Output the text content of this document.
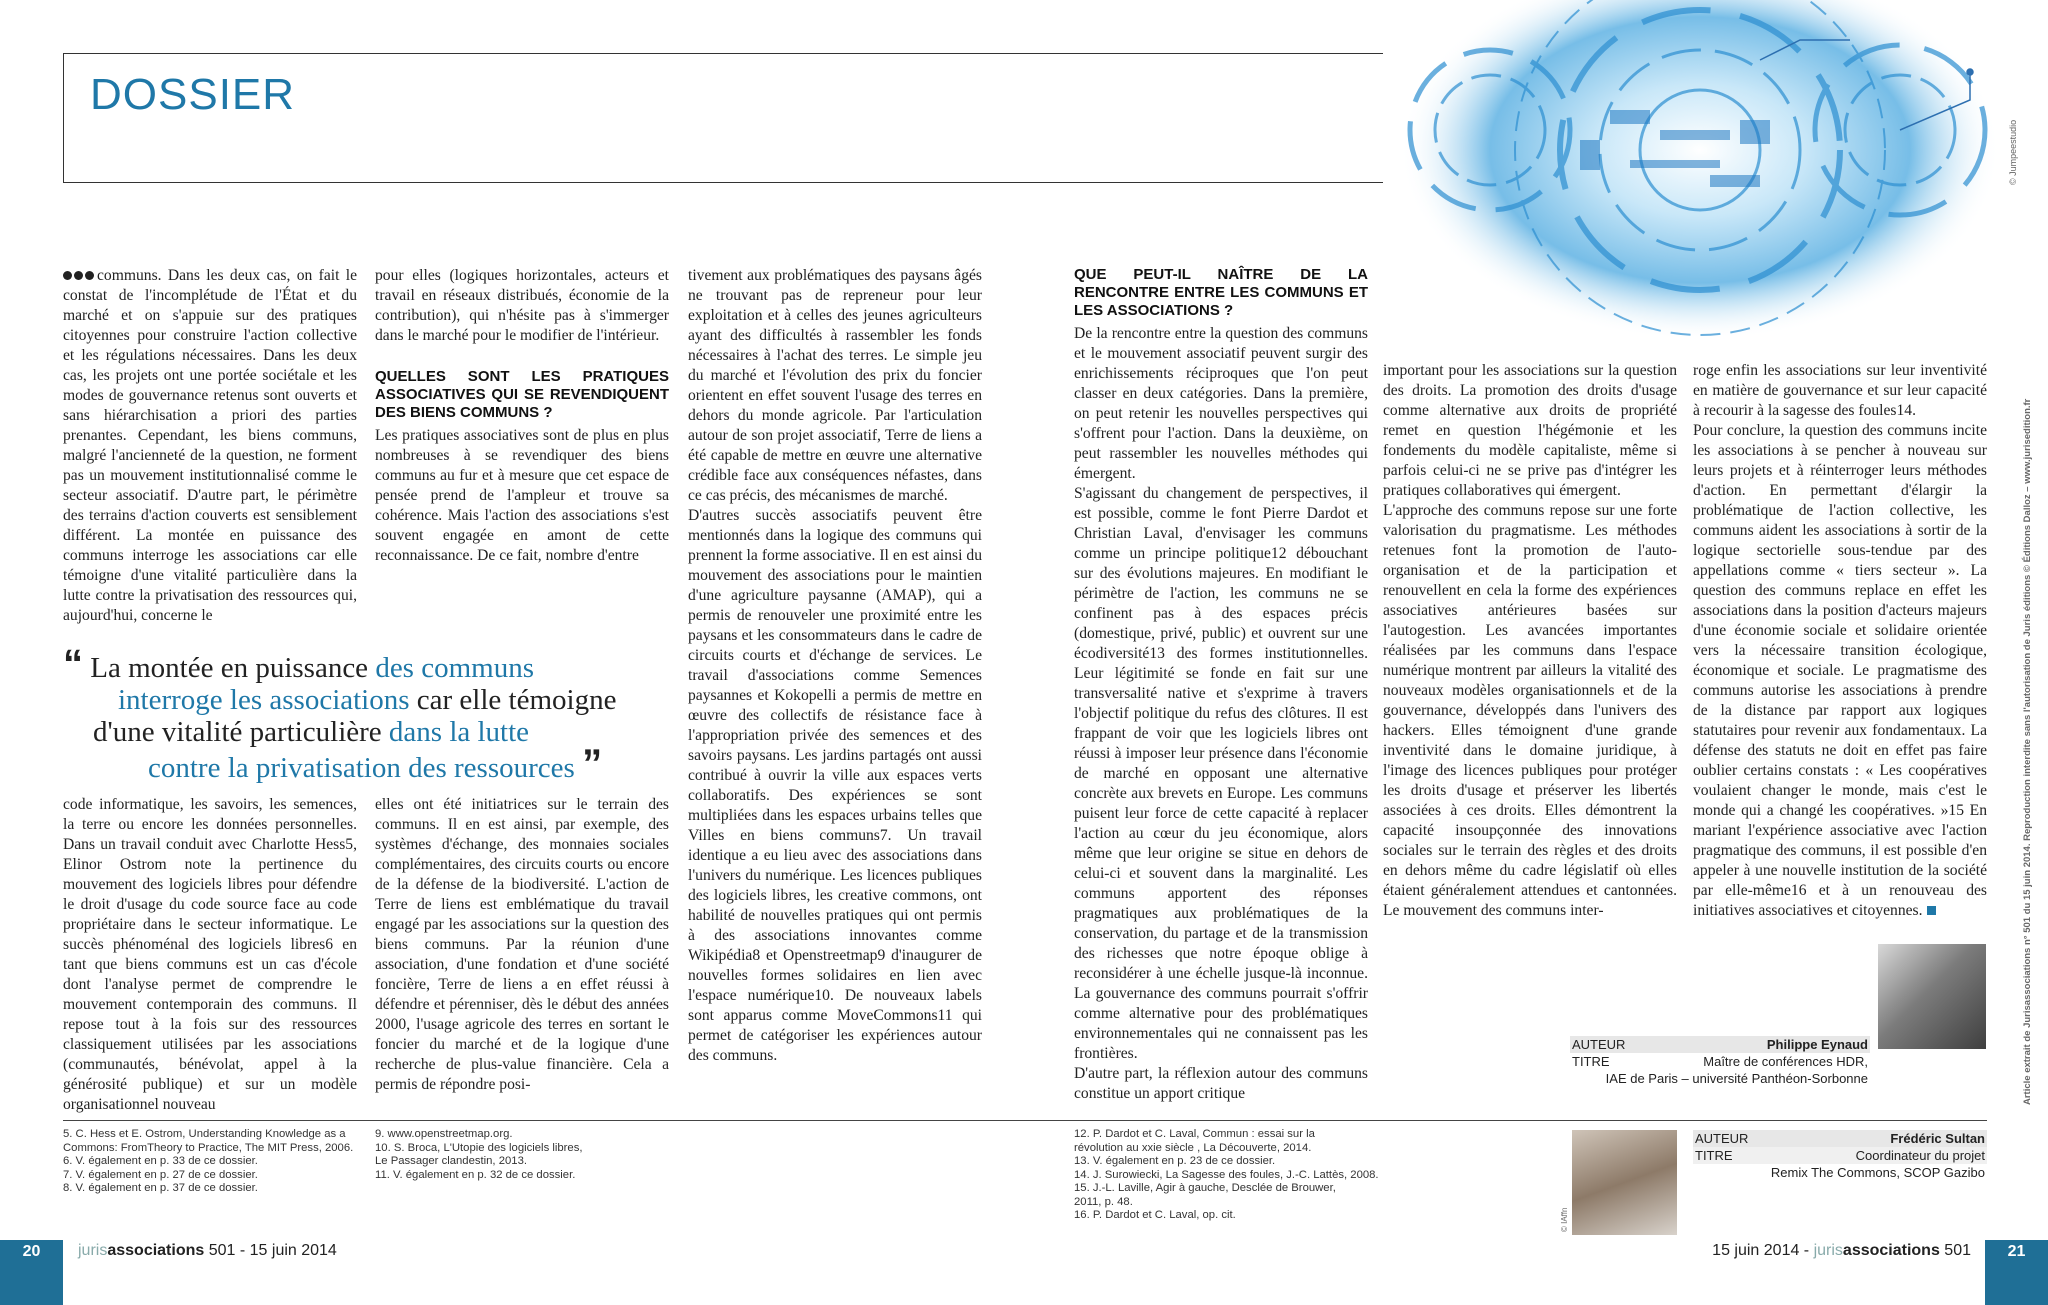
DOSSIER
© Jumpeestudio
Article extrait de Jurisassociations n° 501 du 15 juin 2014. Reproduction interdite sans l'autorisation de Juris éditions © Éditions Dalloz – www.jurisedition.fr

communs. Dans les deux cas, on fait le constat de l'incomplétude de l'État et du marché et on s'appuie sur des pratiques citoyennes pour construire l'action collective et les régulations nécessaires. Dans les deux cas, les projets ont une portée sociétale et les modes de gouvernance retenus sont ouverts et sans hiérarchisation a priori des parties prenantes. Cependant, les biens communs, malgré l'ancienneté de la question, ne forment pas un mouvement institutionnalisé comme le secteur associatif. D'autre part, le périmètre des terrains d'action couverts est sensiblement différent. La montée en puissance des communs interroge les associations car elle témoigne d'une vitalité particulière dans la lutte contre la privatisation des ressources qui, aujourd'hui, concerne le

code informatique, les savoirs, les semences, la terre ou encore les données personnelles. Dans un travail conduit avec Charlotte Hess5, Elinor Ostrom note la pertinence du mouvement des logiciels libres pour défendre le droit d'usage du code source face au code propriétaire dans le secteur informatique. Le succès phénoménal des logiciels libres6 en tant que biens communs est un cas d'école dont l'analyse permet de comprendre le mouvement contemporain des communs. Il repose tout à la fois sur des ressources classiquement utilisées par les associations (communautés, bénévolat, appel à la générosité publique) et sur un modèle organisationnel nouveau

pour elles (logiques horizontales, acteurs et travail en réseaux distribués, économie de la contribution), qui n'hésite pas à s'immerger dans le marché pour le modifier de l'intérieur.

QUELLES SONT LES PRATIQUES ASSOCIATIVES QUI SE REVENDIQUENT DES BIENS COMMUNS ?

Les pratiques associatives sont de plus en plus nombreuses à se revendiquer des biens communs au fur et à mesure que cet espace de pensée prend de l'ampleur et trouve sa cohérence. Mais l'action des associations s'est souvent engagée en amont de cette reconnaissance. De ce fait, nombre d'entre

elles ont été initiatrices sur le terrain des communs. Il en est ainsi, par exemple, des systèmes d'échange, des monnaies sociales complémentaires, des circuits courts ou encore de la défense de la biodiversité. L'action de Terre de liens est emblématique du travail engagé par les associations sur la question des biens communs. Par la réunion d'une association, d'une fondation et d'une société foncière, Terre de liens a en effet réussi à défendre et pérenniser, dès le début des années 2000, l'usage agricole des terres en sortant le foncier du marché et de la logique d'une recherche de plus-value financière. Cela a permis de répondre posi-

“ La montée en puissance des communs
interroge les associations car elle témoigne
d'une vitalité particulière dans la lutte
contre la privatisation des ressources ”

tivement aux problématiques des paysans âgés ne trouvant pas de repreneur pour leur exploitation et à celles des jeunes agriculteurs ayant des difficultés à rassembler les fonds nécessaires à l'achat des terres. Le simple jeu du marché et l'évolution des prix du foncier orientent en effet souvent l'usage des terres en dehors du monde agricole. Par l'articulation autour de son projet associatif, Terre de liens a été capable de mettre en œuvre une alternative crédible face aux conséquences néfastes, dans ce cas précis, des mécanismes de marché.

D'autres succès associatifs peuvent être mentionnés dans la logique des communs qui prennent la forme associative. Il en est ainsi du mouvement des associations pour le maintien d'une agriculture paysanne (AMAP), qui a permis de renouveler une proximité entre les paysans et les consommateurs dans le cadre de circuits courts et d'échange de services. Le travail d'associations comme Semences paysannes et Kokopelli a permis de mettre en œuvre des collectifs de résistance face à l'appropriation privée des semences et des savoirs paysans. Les jardins partagés ont aussi contribué à ouvrir la ville aux espaces verts collaboratifs. Des expériences se sont multipliées dans les espaces urbains telles que Villes en biens communs7. Un travail identique a eu lieu avec des associations dans l'univers du numérique. Les licences publiques des logiciels libres, les creative commons, ont habilité de nouvelles pratiques qui ont permis à des associations innovantes comme Wikipédia8 et Openstreetmap9 d'inaugurer de nouvelles formes solidaires en lien avec l'espace numérique10. De nouveaux labels sont apparus comme MoveCommons11 qui permet de catégoriser les expériences autour des communs.

QUE PEUT-IL NAÎTRE DE LA RENCONTRE ENTRE LES COMMUNS ET LES ASSOCIATIONS ?

De la rencontre entre la question des communs et le mouvement associatif peuvent surgir des enrichissements réciproques que l'on peut classer en deux catégories. Dans la première, on peut retenir les nouvelles perspectives qui s'offrent pour l'action. Dans la deuxième, on peut rassembler les nouvelles méthodes qui émergent.

S'agissant du changement de perspectives, il est possible, comme le font Pierre Dardot et Christian Laval, d'envisager les communs comme un principe politique12 débouchant sur des évolutions majeures. En modifiant le périmètre de l'action, les communs ne se confinent pas à des espaces précis (domestique, privé, public) et ouvrent sur une écodiversité13 des formes institutionnelles. Leur légitimité se fonde en fait sur une transversalité native et s'exprime à travers l'objectif politique du refus des clôtures. Il est frappant de voir que les logiciels libres ont réussi à imposer leur présence dans l'économie de marché en opposant une alternative concrète aux brevets en Europe. Les communs puisent leur force de cette capacité à replacer l'action au cœur du jeu économique, alors même que leur origine se situe en dehors de celui-ci et souvent dans la marginalité. Les communs apportent des réponses pragmatiques aux problématiques de la conservation, du partage et de la transmission des richesses que notre époque oblige à reconsidérer à une échelle jusque-là inconnue. La gouvernance des communs pourrait s'offrir comme alternative pour des problématiques environnementales qui ne connaissent pas les frontières.

D'autre part, la réflexion autour des communs constitue un apport critique

important pour les associations sur la question des droits. La promotion des droits d'usage comme alternative aux droits de propriété remet en question l'hégémonie et les fondements du modèle capitaliste, même si parfois celui-ci ne se prive pas d'intégrer les pratiques collaboratives qui émergent.

L'approche des communs repose sur une forte valorisation du pragmatisme. Les méthodes retenues font la promotion de l'auto-organisation et de la participation et renouvellent en cela la forme des expériences associatives antérieures basées sur l'autogestion. Les avancées importantes réalisées par les communs dans l'espace numérique montrent par ailleurs la vitalité des nouveaux modèles organisationnels et de la gouvernance, développés dans l'univers des hackers. Elles témoignent d'une grande inventivité dans le domaine juridique, à l'image des licences publiques pour protéger les droits d'usage et préserver les libertés associées à ces droits. Elles démontrent la capacité insoupçonnée des innovations sociales sur le terrain des règles et des droits en dehors même du cadre législatif où elles étaient généralement attendues et cantonnées. Le mouvement des communs inter-

roge enfin les associations sur leur inventivité en matière de gouvernance et sur leur capacité à recourir à la sagesse des foules14.

Pour conclure, la question des communs incite les associations à se pencher à nouveau sur leurs projets et à réinterroger leurs méthodes d'action. En permettant d'élargir la problématique de l'action collective, les communs aident les associations à sortir de la logique sectorielle sous-tendue par des appellations comme « tiers secteur ». La question des communs replace en effet les associations dans la position d'acteurs majeurs d'une économie sociale et solidaire orientée vers la nécessaire transition écologique, économique et sociale. Le pragmatisme des communs autorise les associations à prendre de la distance par rapport aux logiques statutaires pour revenir aux fondamentaux. La défense des statuts ne doit en effet pas faire oublier certains constats : « Les coopératives voulaient changer le monde, mais c'est le monde qui a changé les coopératives. »15 En mariant l'expérience associative avec l'action pragmatique des communs, il est possible d'en appeler à une nouvelle institution de la société par elle-même16 et à un renouveau des initiatives associatives et citoyennes.

AUTEUR	Philippe Eynaud
TITRE	Maître de conférences HDR,
IAE de Paris – université Panthéon-Sorbonne

5. C. Hess et E. Ostrom, Understanding Knowledge as a

Commons: FromTheory to Practice, The MIT Press, 2006.

6. V. également en p. 33 de ce dossier.

7. V. également en p. 27 de ce dossier.

8. V. également en p. 37 de ce dossier.

9. www.openstreetmap.org.

10. S. Broca, L'Utopie des logiciels libres,

Le Passager clandestin, 2013.

11. V. également en p. 32 de ce dossier.

12. P. Dardot et C. Laval, Commun : essai sur la

révolution au xxie siècle , La Découverte, 2014.

13. V. également en p. 23 de ce dossier.

14. J. Surowiecki, La Sagesse des foules, J.-C. Lattès, 2008.

15. J.-L. Laville, Agir à gauche, Desclée de Brouwer,

2011, p. 48.

16. P. Dardot et C. Laval, op. cit.	© IAffn
AUTEUR	Frédéric Sultan
TITRE	Coordinateur du projet
Remix The Commons, SCOP Gazibo
20	jurisassociations 501 - 15 juin 2014	15 juin 2014 - jurisassociations 501	21
